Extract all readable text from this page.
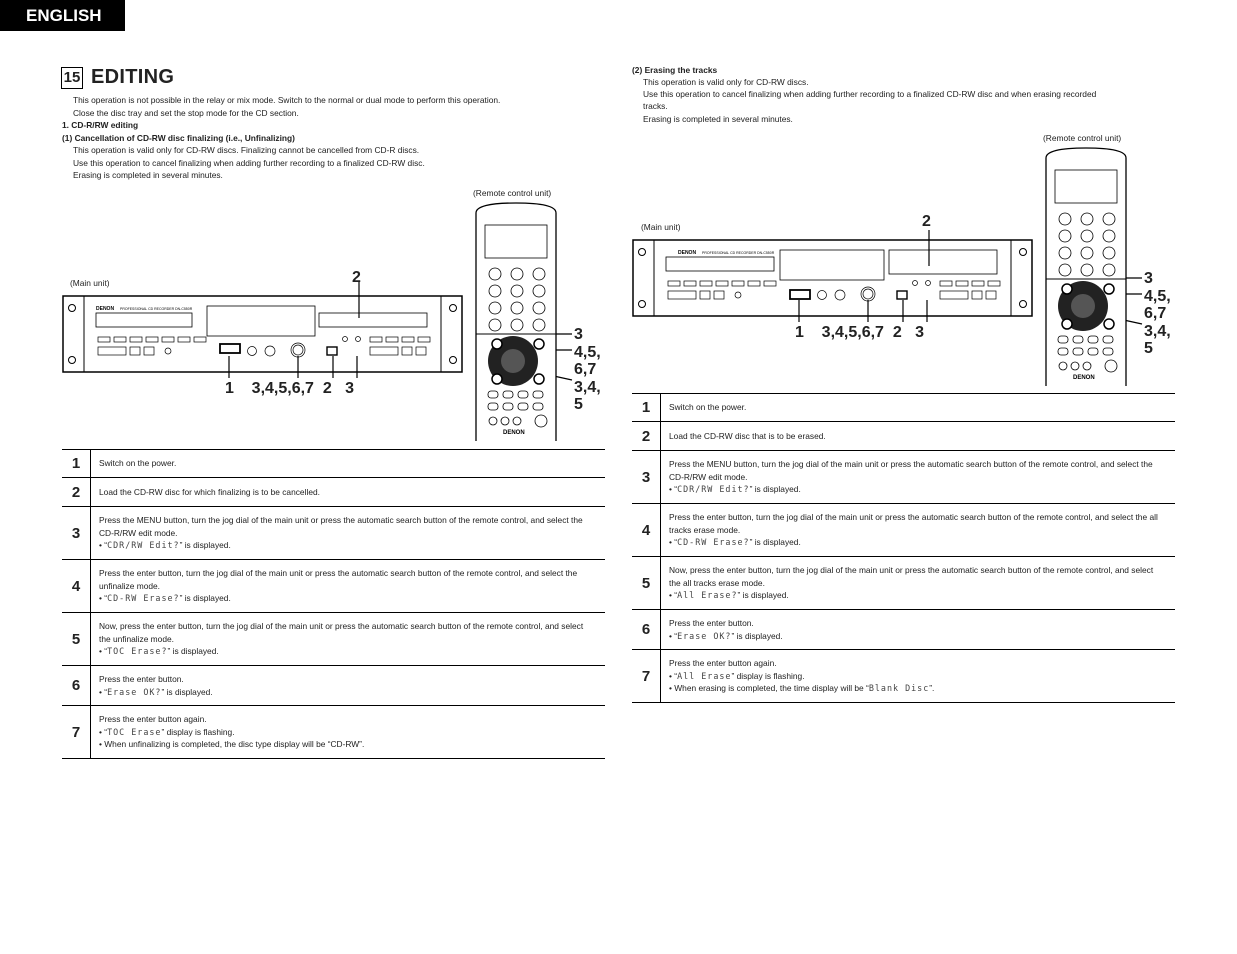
ENGLISH
15 EDITING
This operation is not possible in the relay or mix mode. Switch to the normal or dual mode to perform this operation.
Close the disc tray and set the stop mode for the CD section.
1. CD-R/RW editing
(1) Cancellation of CD-RW disc finalizing (i.e., Unfinalizing)
This operation is valid only for CD-RW discs. Finalizing cannot be cancelled from CD-R discs.
Use this operation to cancel finalizing when adding further recording to a finalized CD-RW disc.
Erasing is completed in several minutes.
(Remote control unit)
(Main unit)
DENON PROFESSIONAL CD RECORDER DN-C550R
DENON
2
1    3,4,5,6,7  2   3
3
4,5,
6,7
3,4,
5
1	Switch on the power.

2	Load the CD-RW disc for which finalizing is to be cancelled.

3	Press the MENU button, turn the jog dial of the main unit or press the automatic search button of the remote control, and select the CD-R/RW edit mode.
• “CDR/RW Edit?” is displayed.

4	Press the enter button, turn the jog dial of the main unit or press the automatic search button of the remote control, and select the unfinalize mode.
• “CD-RW Erase?” is displayed.

5	Now, press the enter button, turn the jog dial of the main unit or press the automatic search button of the remote control, and select the unfinalize mode.
• “TOC Erase?” is displayed.

6	Press the enter button.
• “Erase OK?” is displayed.

7	Press the enter button again.
• “TOC Erase” display is flashing.
• When unfinalizing is completed, the disc type display will be “CD-RW”.
(2) Erasing the tracks
This operation is valid only for CD-RW discs.
Use this operation to cancel finalizing when adding further recording to a finalized CD-RW disc and when erasing recorded
tracks.
Erasing is completed in several minutes.
(Remote control unit)
(Main unit)
DENON PROFESSIONAL CD RECORDER DN-C550R
DENON
2
1    3,4,5,6,7  2   3
3
4,5,
6,7
3,4,
5
1	Switch on the power.

2	Load the CD-RW disc that is to be erased.

3	Press the MENU button, turn the jog dial of the main unit or press the automatic search button of the remote control, and select the CD-R/RW edit mode.
• “CDR/RW Edit?” is displayed.

4	Press the enter button, turn the jog dial of the main unit or press the automatic search button of the remote control, and select the all tracks erase mode.
• “CD-RW Erase?” is displayed.

5	Now, press the enter button, turn the jog dial of the main unit or press the automatic search button of the remote control, and select the all tracks erase mode.
• “All Erase?” is displayed.

6	Press the enter button.
• “Erase OK?” is displayed.

7	Press the enter button again.
• “All Erase” display is flashing.
• When erasing is completed, the time display will be “Blank Disc”.
